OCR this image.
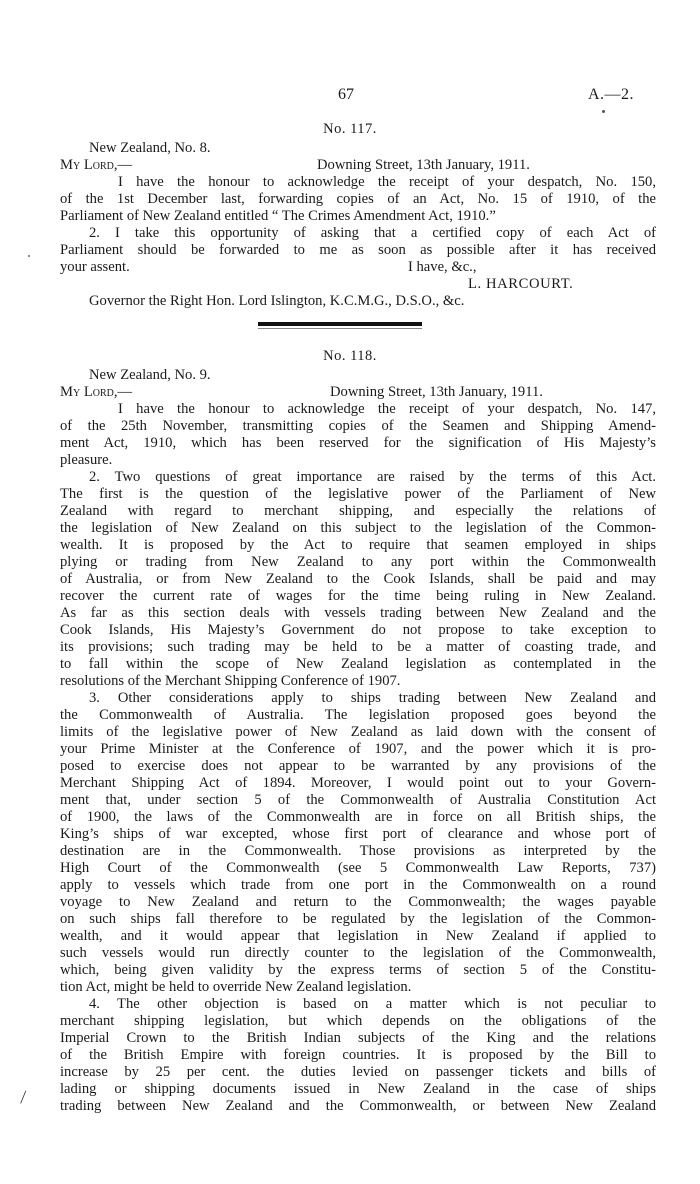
67	A.—2.
No. 117.
New Zealand, No. 8.
My Lord,—	Downing Street, 13th January, 1911.
I have the honour to acknowledge the receipt of your despatch, No. 150,
of the 1st December last, forwarding copies of an Act, No. 15 of 1910, of the
Parliament of New Zealand entitled “ The Crimes Amendment Act, 1910.”
2. I take this opportunity of asking that a certified copy of each Act of
Parliament should be forwarded to me as soon as possible after it has received
your assent.	I have, &c.,
L. HARCOURT.
Governor the Right Hon. Lord Islington, K.C.M.G., D.S.O., &c.
No. 118.
New Zealand, No. 9.
My Lord,—	Downing Street, 13th January, 1911.
I have the honour to acknowledge the receipt of your despatch, No. 147,
of the 25th November, transmitting copies of the Seamen and Shipping Amend-
ment Act, 1910, which has been reserved for the signification of His Majesty’s
pleasure.
2. Two questions of great importance are raised by the terms of this Act.
The first is the question of the legislative power of the Parliament of New
Zealand with regard to merchant shipping, and especially the relations of
the legislation of New Zealand on this subject to the legislation of the Common-
wealth. It is proposed by the Act to require that seamen employed in ships
plying or trading from New Zealand to any port within the Commonwealth
of Australia, or from New Zealand to the Cook Islands, shall be paid and may
recover the current rate of wages for the time being ruling in New Zealand.
As far as this section deals with vessels trading between New Zealand and the
Cook Islands, His Majesty’s Government do not propose to take exception to
its provisions; such trading may be held to be a matter of coasting trade, and
to fall within the scope of New Zealand legislation as contemplated in the
resolutions of the Merchant Shipping Conference of 1907.
3. Other considerations apply to ships trading between New Zealand and
the Commonwealth of Australia. The legislation proposed goes beyond the
limits of the legislative power of New Zealand as laid down with the consent of
your Prime Minister at the Conference of 1907, and the power which it is pro-
posed to exercise does not appear to be warranted by any provisions of the
Merchant Shipping Act of 1894. Moreover, I would point out to your Govern-
ment that, under section 5 of the Commonwealth of Australia Constitution Act
of 1900, the laws of the Commonwealth are in force on all British ships, the
King’s ships of war excepted, whose first port of clearance and whose port of
destination are in the Commonwealth. Those provisions as interpreted by the
High Court of the Commonwealth (see 5 Commonwealth Law Reports, 737)
apply to vessels which trade from one port in the Commonwealth on a round
voyage to New Zealand and return to the Commonwealth; the wages payable
on such ships fall therefore to be regulated by the legislation of the Common-
wealth, and it would appear that legislation in New Zealand if applied to
such vessels would run directly counter to the legislation of the Commonwealth,
which, being given validity by the express terms of section 5 of the Constitu-
tion Act, might be held to override New Zealand legislation.
4. The other objection is based on a matter which is not peculiar to
merchant shipping legislation, but which depends on the obligations of the
Imperial Crown to the British Indian subjects of the King and the relations
of the British Empire with foreign countries. It is proposed by the Bill to
increase by 25 per cent. the duties levied on passenger tickets and bills of
lading or shipping documents issued in New Zealand in the case of ships
trading between New Zealand and the Commonwealth, or between New Zealand
⟋
